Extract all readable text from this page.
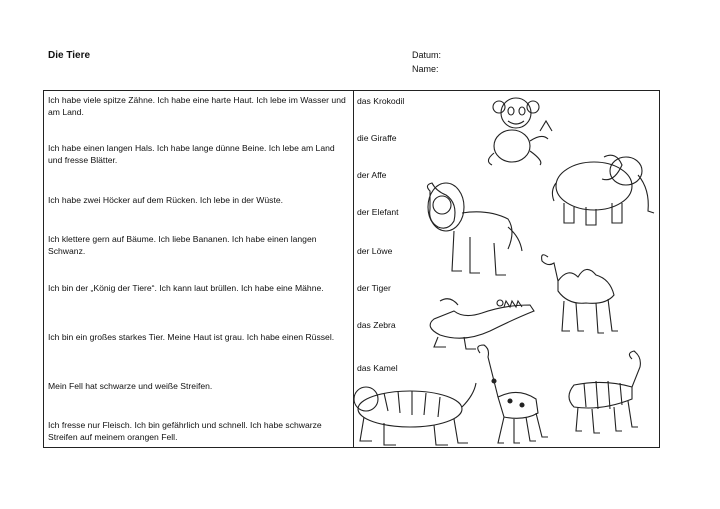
Die Tiere	Datum:
Name:
Ich habe viele spitze Zähne. Ich habe eine harte Haut. Ich lebe im Wasser und am Land.
Ich habe einen langen Hals. Ich habe lange dünne Beine. Ich lebe am Land und fresse Blätter.
Ich habe zwei Höcker auf dem Rücken. Ich lebe in der Wüste.
Ich klettere gern auf Bäume. Ich liebe Bananen. Ich habe einen langen Schwanz.
Ich bin der „König der Tiere“. Ich kann laut brüllen. Ich habe eine Mähne.
Ich bin ein großes starkes Tier. Meine Haut ist grau. Ich habe einen Rüssel.
Mein Fell hat schwarze und weiße Streifen.
Ich fresse nur Fleisch. Ich bin gefährlich und schnell. Ich habe schwarze Streifen auf meinem orangen Fell.
das Krokodil
die Giraffe
der Affe
der Elefant
der Löwe
der Tiger
das Zebra
das Kamel
